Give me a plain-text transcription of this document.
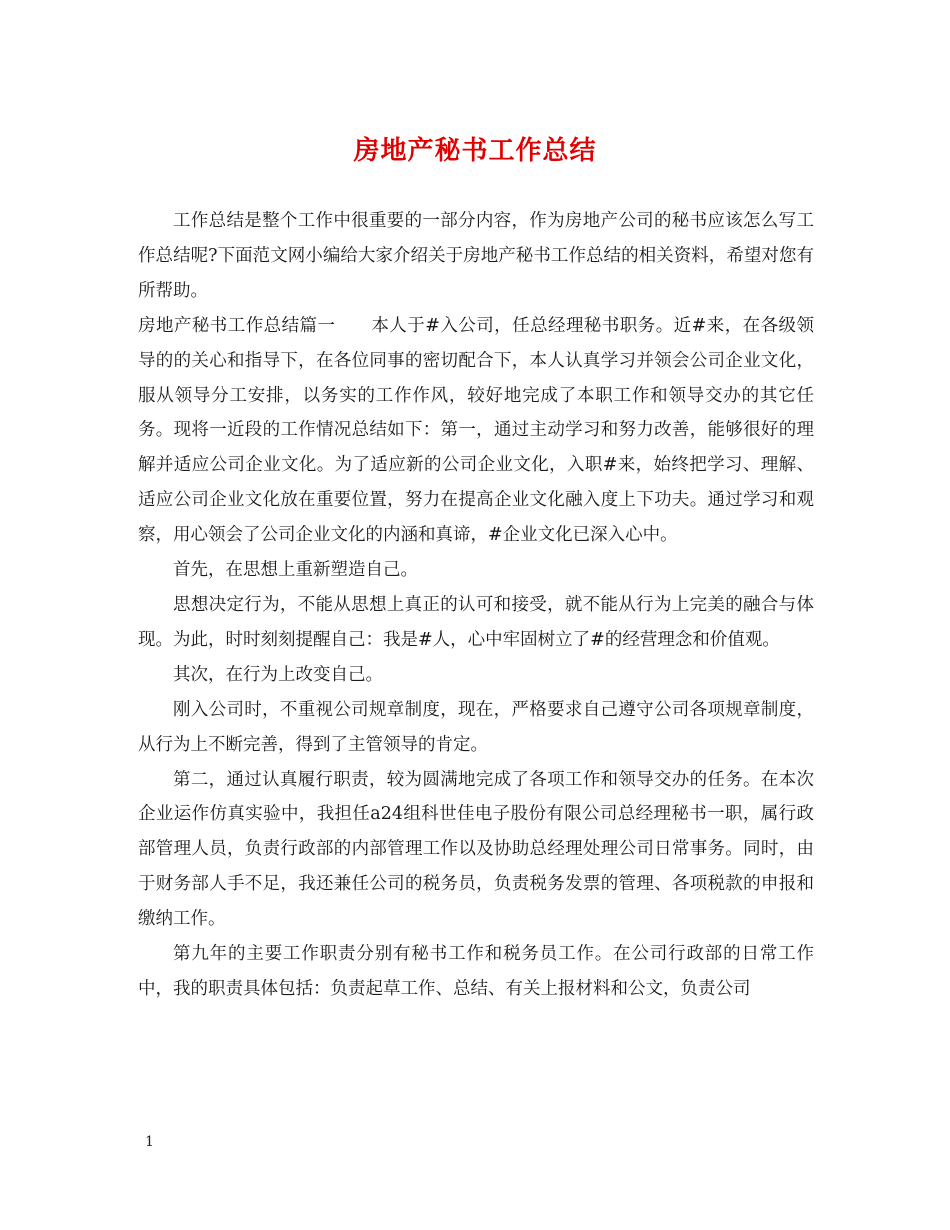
房地产秘书工作总结

工作总结是整个工作中很重要的一部分内容，作为房地产公司的秘书应该怎么写工作总结呢?下面范文网小编给大家介绍关于房地产秘书工作总结的相关资料，希望对您有所帮助。

房地产秘书工作总结篇一　　本人于#入公司，任总经理秘书职务。近#来，在各级领导的的关心和指导下，在各位同事的密切配合下，本人认真学习并领会公司企业文化，服从领导分工安排，以务实的工作作风，较好地完成了本职工作和领导交办的其它任务。现将一近段的工作情况总结如下：第一，通过主动学习和努力改善，能够很好的理解并适应公司企业文化。为了适应新的公司企业文化，入职#来，始终把学习、理解、适应公司企业文化放在重要位置，努力在提高企业文化融入度上下功夫。通过学习和观察，用心领会了公司企业文化的内涵和真谛，#企业文化已深入心中。

首先，在思想上重新塑造自己。

思想决定行为，不能从思想上真正的认可和接受，就不能从行为上完美的融合与体现。为此，时时刻刻提醒自己：我是#人，心中牢固树立了#的经营理念和价值观。

其次，在行为上改变自己。

刚入公司时，不重视公司规章制度，现在，严格要求自己遵守公司各项规章制度，从行为上不断完善，得到了主管领导的肯定。

第二，通过认真履行职责，较为圆满地完成了各项工作和领导交办的任务。在本次企业运作仿真实验中，我担任a24组科世佳电子股份有限公司总经理秘书一职，属行政部管理人员，负责行政部的内部管理工作以及协助总经理处理公司日常事务。同时，由于财务部人手不足，我还兼任公司的税务员，负责税务发票的管理、各项税款的申报和缴纳工作。

第九年的主要工作职责分别有秘书工作和税务员工作。在公司行政部的日常工作中，我的职责具体包括：负责起草工作、总结、有关上报材料和公文，负责公司

1
